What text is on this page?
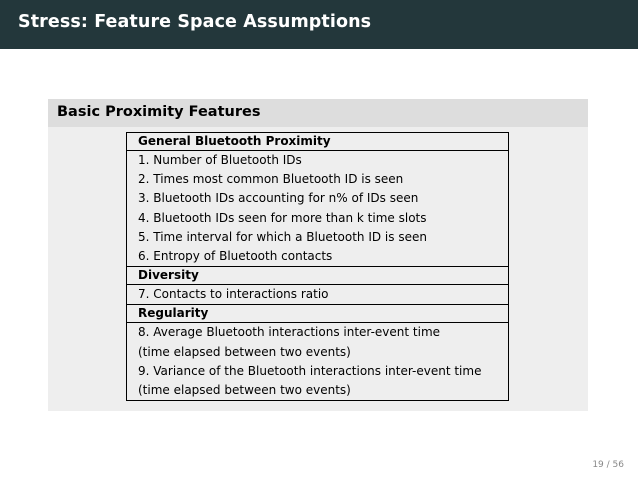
Stress: Feature Space Assumptions
Basic Proximity Features
General Bluetooth Proximity
1. Number of Bluetooth IDs
2. Times most common Bluetooth ID is seen
3. Bluetooth IDs accounting for n% of IDs seen
4. Bluetooth IDs seen for more than k time slots
5. Time interval for which a Bluetooth ID is seen
6. Entropy of Bluetooth contacts
Diversity
7. Contacts to interactions ratio
Regularity
8. Average Bluetooth interactions inter-event time
(time elapsed between two events)
9. Variance of the Bluetooth interactions inter-event time
(time elapsed between two events)
19 / 56
